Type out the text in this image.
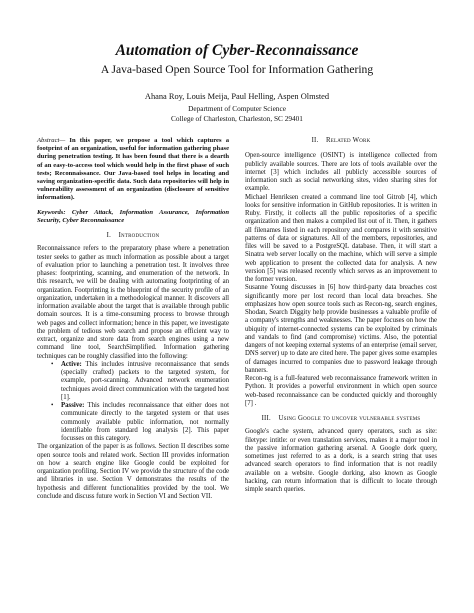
Automation of Cyber-Reconnaissance
A Java-based Open Source Tool for Information Gathering
Ahana Roy, Louis Meija, Paul Helling, Aspen Olmsted
Department of Computer Science
College of Charleston, Charleston, SC 29401

Abstract— In this paper, we propose a tool which captures a footprint of an organization, useful for information gathering phase during penetration testing. It has been found that there is a dearth of an easy-to-access tool which would help in the first phase of such tests; Reconnaissance. Our Java-based tool helps in locating and saving organization-specific data. Such data repositories will help in vulnerability assessment of an organization (disclosure of sensitive information).

Keywords: Cyber Attack, Information Assurance, Information Security, Cyber Reconnaissance

I.    Introduction

Reconnaissance refers to the preparatory phase where a penetration tester seeks to gather as much information as possible about a target of evaluation prior to launching a penetration test. It involves three phases: footprinting, scanning, and enumeration of the network. In this research, we will be dealing with automating footprinting of an organization. Footprinting is the blueprint of the security profile of an organization, undertaken in a methodological manner. It discovers all information available about the target that is available through public domain sources. It is a time-consuming process to browse through web pages and collect information; hence in this paper, we investigate the problem of tedious web search and propose an efficient way to extract, organize and store data from search engines using a new command line tool, SearchSimplified. Information gathering techniques can be roughly classified into the following:

• Active: This includes intrusive reconnaissance that sends (specially crafted) packets to the targeted system, for example, port-scanning. Advanced network enumeration techniques avoid direct communication with the targeted host [1].
• Passive: This includes reconnaissance that either does not communicate directly to the targeted system or that uses commonly available public information, not normally identifiable from standard log analysis [2]. This paper focusses on this category.

The organization of the paper is as follows. Section II describes some open source tools and related work. Section III provides information on how a search engine like Google could be exploited for organization profiling. Section IV we provide the structure of the code and libraries in use. Section V demonstrates the results of the hypothesis and different functionalities provided by the tool. We conclude and discuss future work in Section VI and Section VII.

II.    Related Work

Open-source intelligence (OSINT) is intelligence collected from publicly available sources. There are lots of tools available over the internet [3] which includes all publicly accessible sources of information such as social networking sites, video sharing sites for example.

Michael Henriksen created a command line tool Gitrob [4], which looks for sensitive information in GitHub repositories. It is written in Ruby. Firstly, it collects all the public repositories of a specific organization and then makes a compiled list out of it. Then, it gathers all filenames listed in each repository and compares it with sensitive patterns of data or signatures. All of the members, repositories, and files will be saved to a PostgreSQL database. Then, it will start a Sinatra web server locally on the machine, which will serve a simple web application to present the collected data for analysis. A new version [5] was released recently which serves as an improvement to the former version.

Susanne Young discusses in [6] how third-party data breaches cost significantly more per lost record than local data breaches. She emphasizes how open source tools such as Recon-ng, search engines, Shodan, Search Diggity help provide businesses a valuable profile of a company's strengths and weaknesses. The paper focuses on how the ubiquity of internet-connected systems can be exploited by criminals and vandals to find (and compromise) victims. Also, the potential dangers of not keeping external systems of an enterprise (email server, DNS server) up to date are cited here. The paper gives some examples of damages incurred to companies due to password leakage through banners.

Recon-ng is a full-featured web reconnaissance framework written in Python. It provides a powerful environment in which open source web-based reconnaissance can be conducted quickly and thoroughly [7] .

III.    Using Google to uncover vulnerable systems

Google's cache system, advanced query operators, such as site: filetype: intitle: or even translation services, makes it a major tool in the passive information gathering arsenal. A Google dork query, sometimes just referred to as a dork, is a search string that uses advanced search operators to find information that is not readily available on a website. Google dorking, also known as Google hacking, can return information that is difficult to locate through simple search queries.
